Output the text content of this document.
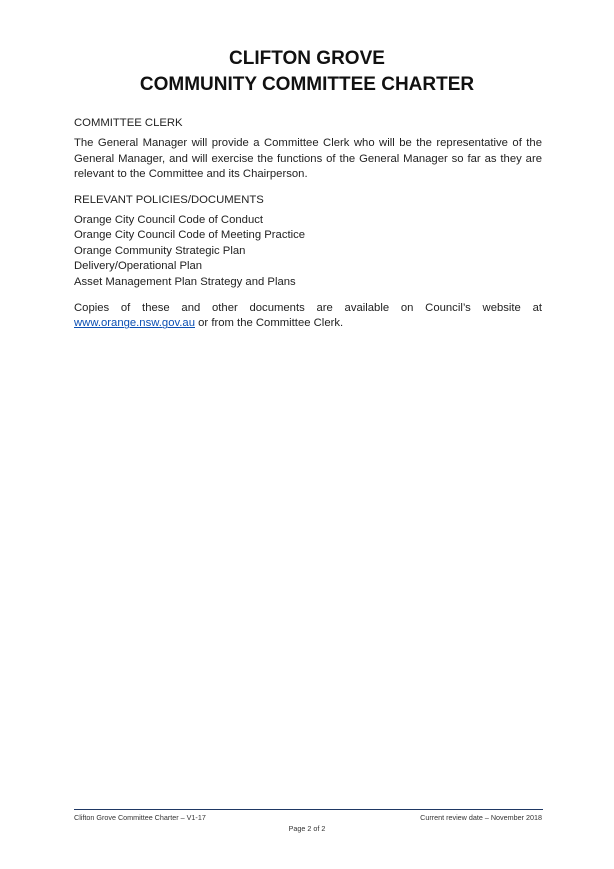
CLIFTON GROVE
COMMUNITY COMMITTEE CHARTER
COMMITTEE CLERK

The General Manager will provide a Committee Clerk who will be the representative of the General Manager, and will exercise the functions of the General Manager so far as they are relevant to the Committee and its Chairperson.

RELEVANT POLICIES/DOCUMENTS
Orange City Council Code of Conduct
Orange City Council Code of Meeting Practice
Orange Community Strategic Plan
Delivery/Operational Plan
Asset Management Plan Strategy and Plans

Copies of these and other documents are available on Council’s website at www.orange.nsw.gov.au or from the Committee Clerk.

Clifton Grove Committee Charter – V1-17	Current review date – November 2018
Page 2 of 2
